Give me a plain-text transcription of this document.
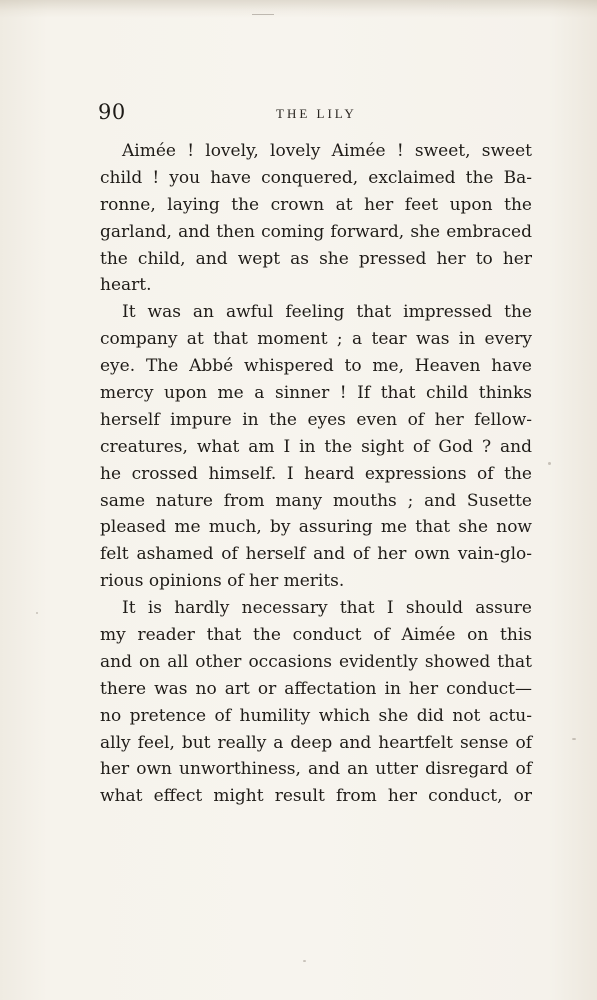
90	THE LILY
Aimée ! lovely, lovely Aimée ! sweet, sweet
child ! you have conquered, exclaimed the Ba-
ronne, laying the crown at her feet upon the
garland, and then coming forward, she embraced
the child, and wept as she pressed her to her
heart.
It was an awful feeling that impressed the
company at that moment ; a tear was in every
eye. The Abbé whispered to me, Heaven have
mercy upon me a sinner ! If that child thinks
herself impure in the eyes even of her fellow-
creatures, what am I in the sight of God ? and
he crossed himself. I heard expressions of the
same nature from many mouths ; and Susette
pleased me much, by assuring me that she now
felt ashamed of herself and of her own vain-glo-
rious opinions of her merits.
It is hardly necessary that I should assure
my reader that the conduct of Aimée on this
and on all other occasions evidently showed that
there was no art or affectation in her conduct—
no pretence of humility which she did not actu-
ally feel, but really a deep and heartfelt sense of
her own unworthiness, and an utter disregard of
what effect might result from her conduct, or
